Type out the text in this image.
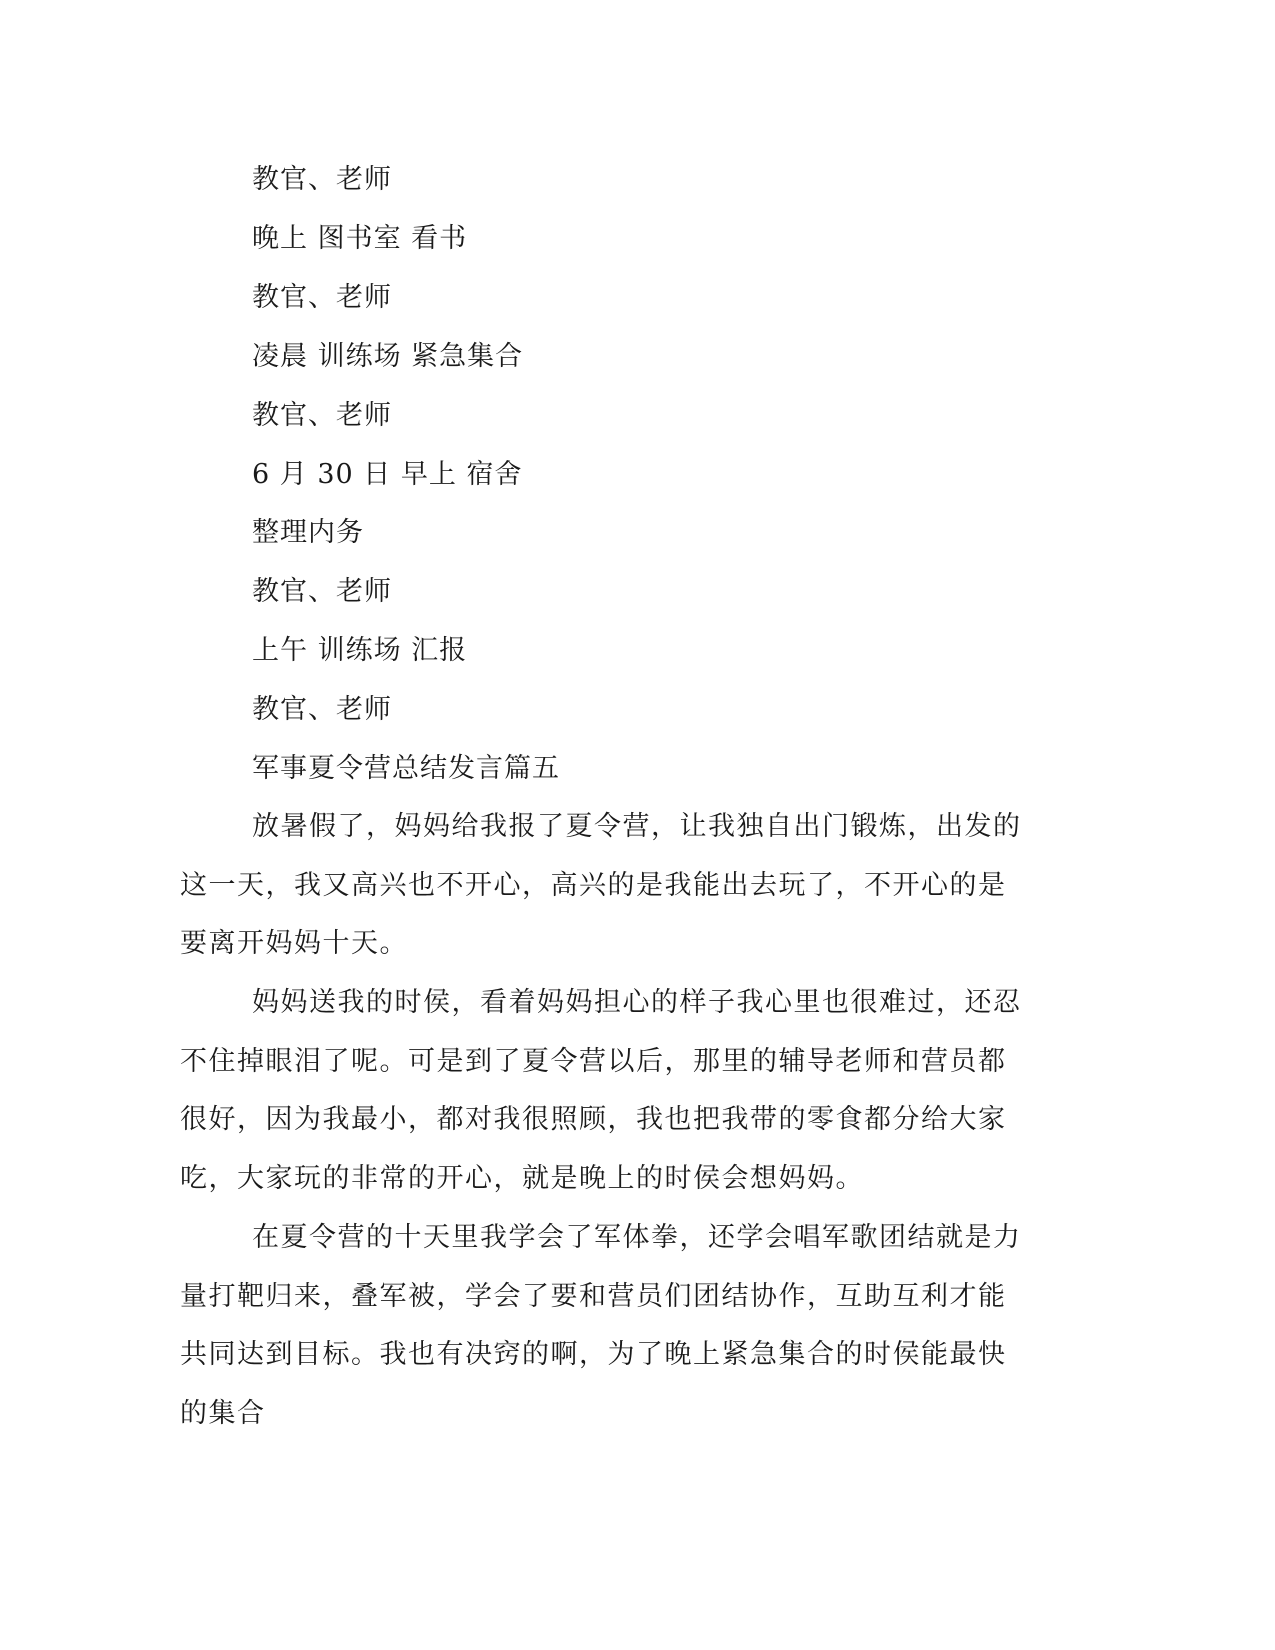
教官、老师
晚上 图书室 看书
教官、老师
凌晨 训练场 紧急集合
教官、老师
6 月 30 日 早上 宿舍
整理内务
教官、老师
上午 训练场 汇报
教官、老师
军事夏令营总结发言篇五

放暑假了，妈妈给我报了夏令营，让我独自出门锻炼，出发的这一天，我又高兴也不开心，高兴的是我能出去玩了，不开心的是要离开妈妈十天。

妈妈送我的时侯，看着妈妈担心的样子我心里也很难过，还忍不住掉眼泪了呢。可是到了夏令营以后，那里的辅导老师和营员都很好，因为我最小，都对我很照顾，我也把我带的零食都分给大家吃，大家玩的非常的开心，就是晚上的时侯会想妈妈。

在夏令营的十天里我学会了军体拳，还学会唱军歌团结就是力量打靶归来，叠军被，学会了要和营员们团结协作，互助互利才能共同达到目标。我也有决窍的啊，为了晚上紧急集合的时侯能最快的集合
